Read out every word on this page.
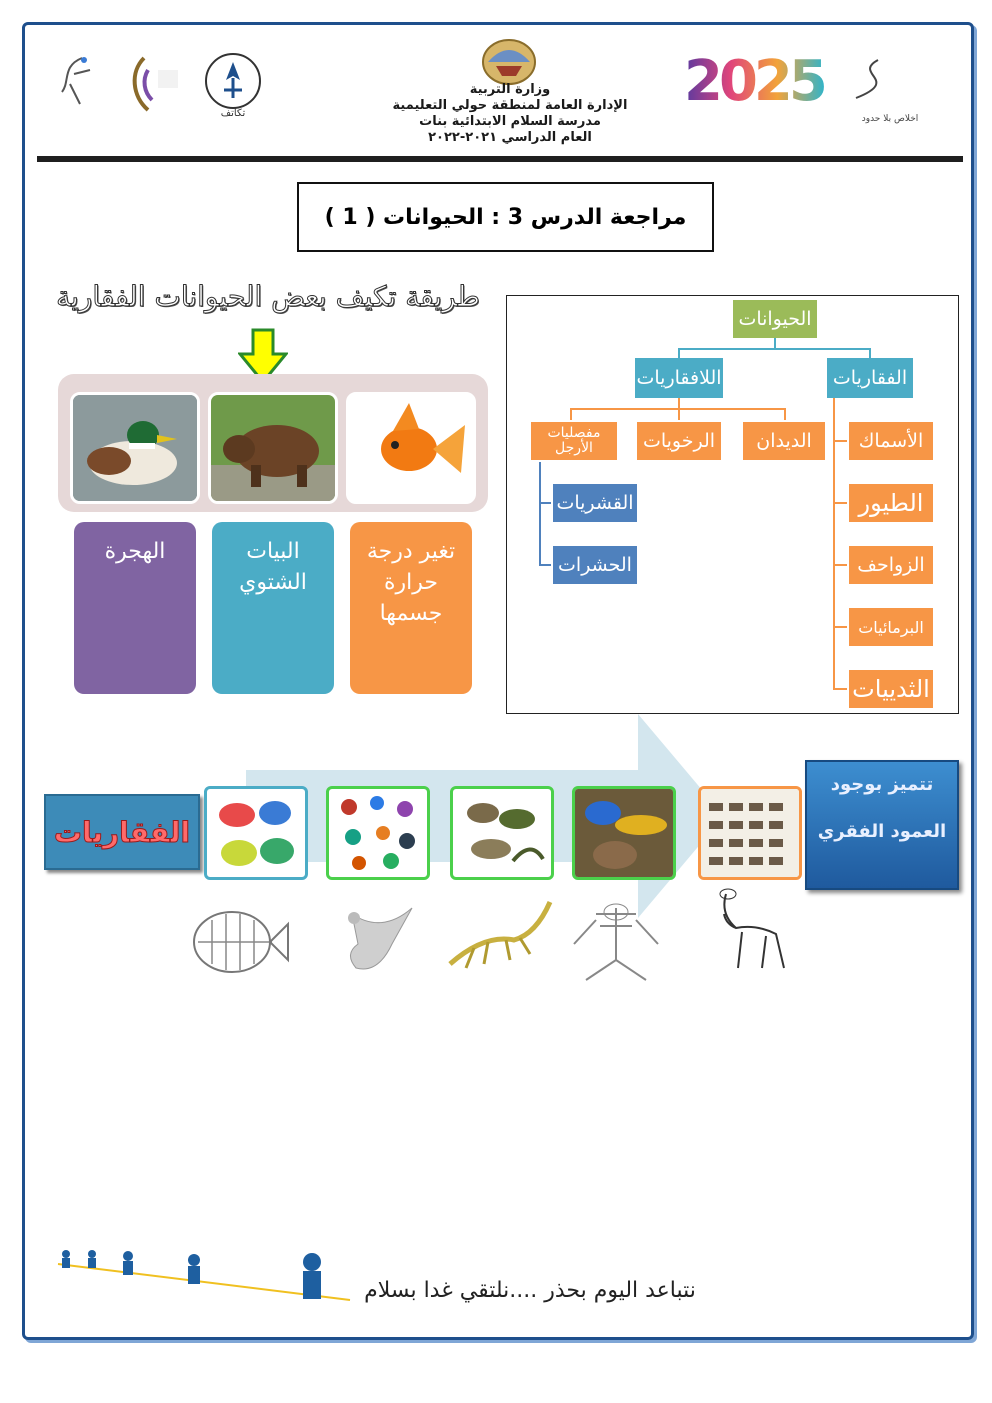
تكاتف
وزارة التربية
الإدارة العامة لمنطقة حولي التعليمية
مدرسة السلام الابتدائية بنات
العام الدراسي ٢٠٢١-٢٠٢٢
2025
اخلاص بلا حدود
مراجعة الدرس 3 : الحيوانات ( 1 )
طريقة تكيف بعض الحيوانات الفقارية
تغير درجة حرارة جسمها
البيات الشتوي
الهجرة
الحيوانات
الفقاريات
اللافقاريات
الديدان
الرخويات
مفصليات الأرجل
القشريات
الحشرات
الأسماك
الطيور
الزواحف
البرمائيات
الثدييات
الفقاريات
تتميز بوجود
العمود الفقري
نتباعد اليوم بحذر ....نلتقي غدا بسلام
